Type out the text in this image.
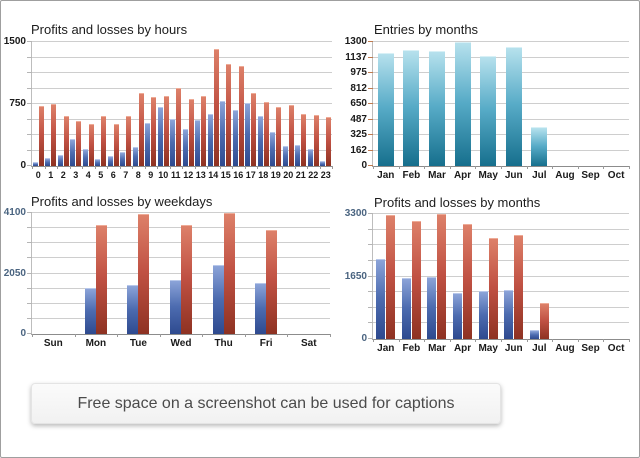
Profits and losses by hours
0
750
1500
0 1 2 3 4 5 6 7 8 9 10 11 12 13 14 15 16 17 18 19 20 21 22 23
Entries by months
0
162
325
487
650
812
975
1137
1300
Jan Feb Mar Apr May Jun Jul Aug Sep Oct
Profits and losses by weekdays
0
2050
4100
Sun	Mon	Tue	Wed	Thu	Fri	Sat
Profits and losses by months
0
1650
3300
Jan Feb Mar Apr May Jun Jul Aug Sep Oct
Free space on a screenshot can be used for captions
